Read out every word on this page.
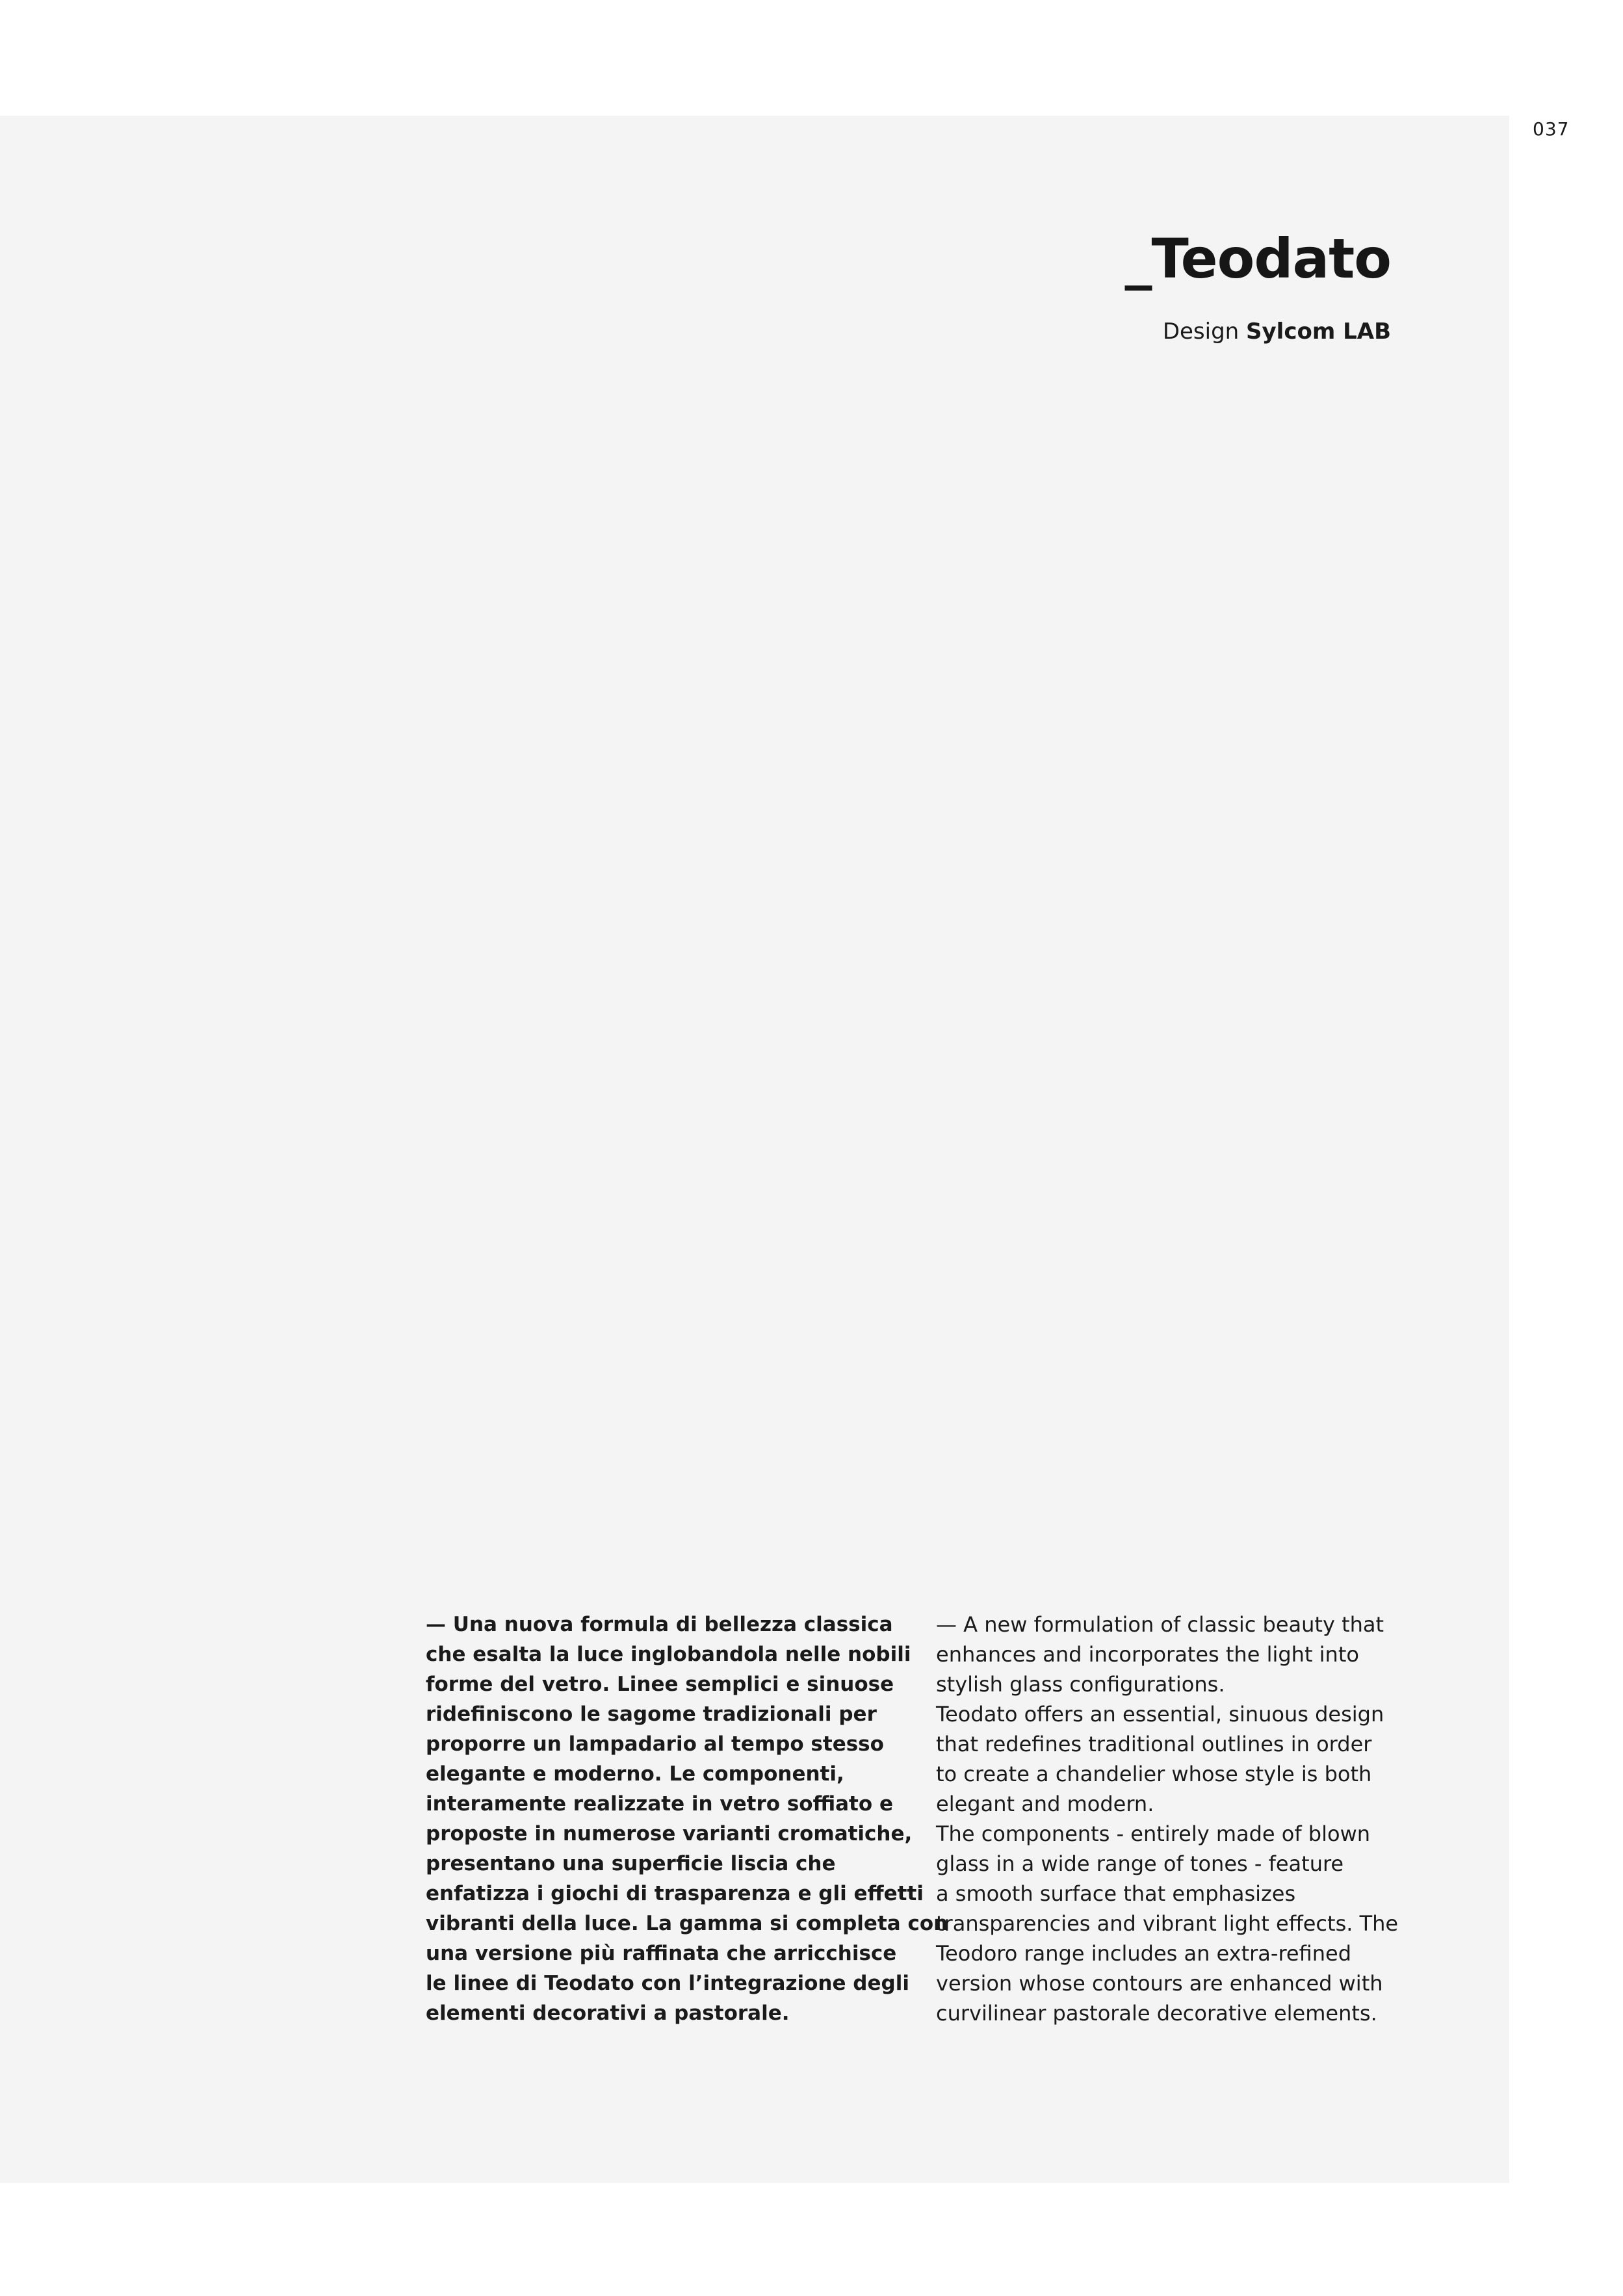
037
_Teodato
Design Sylcom LAB

— Una nuova formula di bellezza classica
che esalta la luce inglobandola nelle nobili
forme del vetro. Linee semplici e sinuose
ridefiniscono le sagome tradizionali per
proporre un lampadario al tempo stesso
elegante e moderno. Le componenti,
interamente realizzate in vetro soffiato e
proposte in numerose varianti cromatiche,
presentano una superficie liscia che
enfatizza i giochi di trasparenza e gli effetti
vibranti della luce. La gamma si completa con
una versione più raffinata che arricchisce
le linee di Teodato con l’integrazione degli
elementi decorativi a pastorale.

— A new formulation of classic beauty that
enhances and incorporates the light into
stylish glass configurations.
Teodato offers an essential, sinuous design
that redefines traditional outlines in order
to create a chandelier whose style is both
elegant and modern.
The components - entirely made of blown
glass in a wide range of tones - feature
a smooth surface that emphasizes
transparencies and vibrant light effects. The
Teodoro range includes an extra-refined
version whose contours are enhanced with
curvilinear pastorale decorative elements.
